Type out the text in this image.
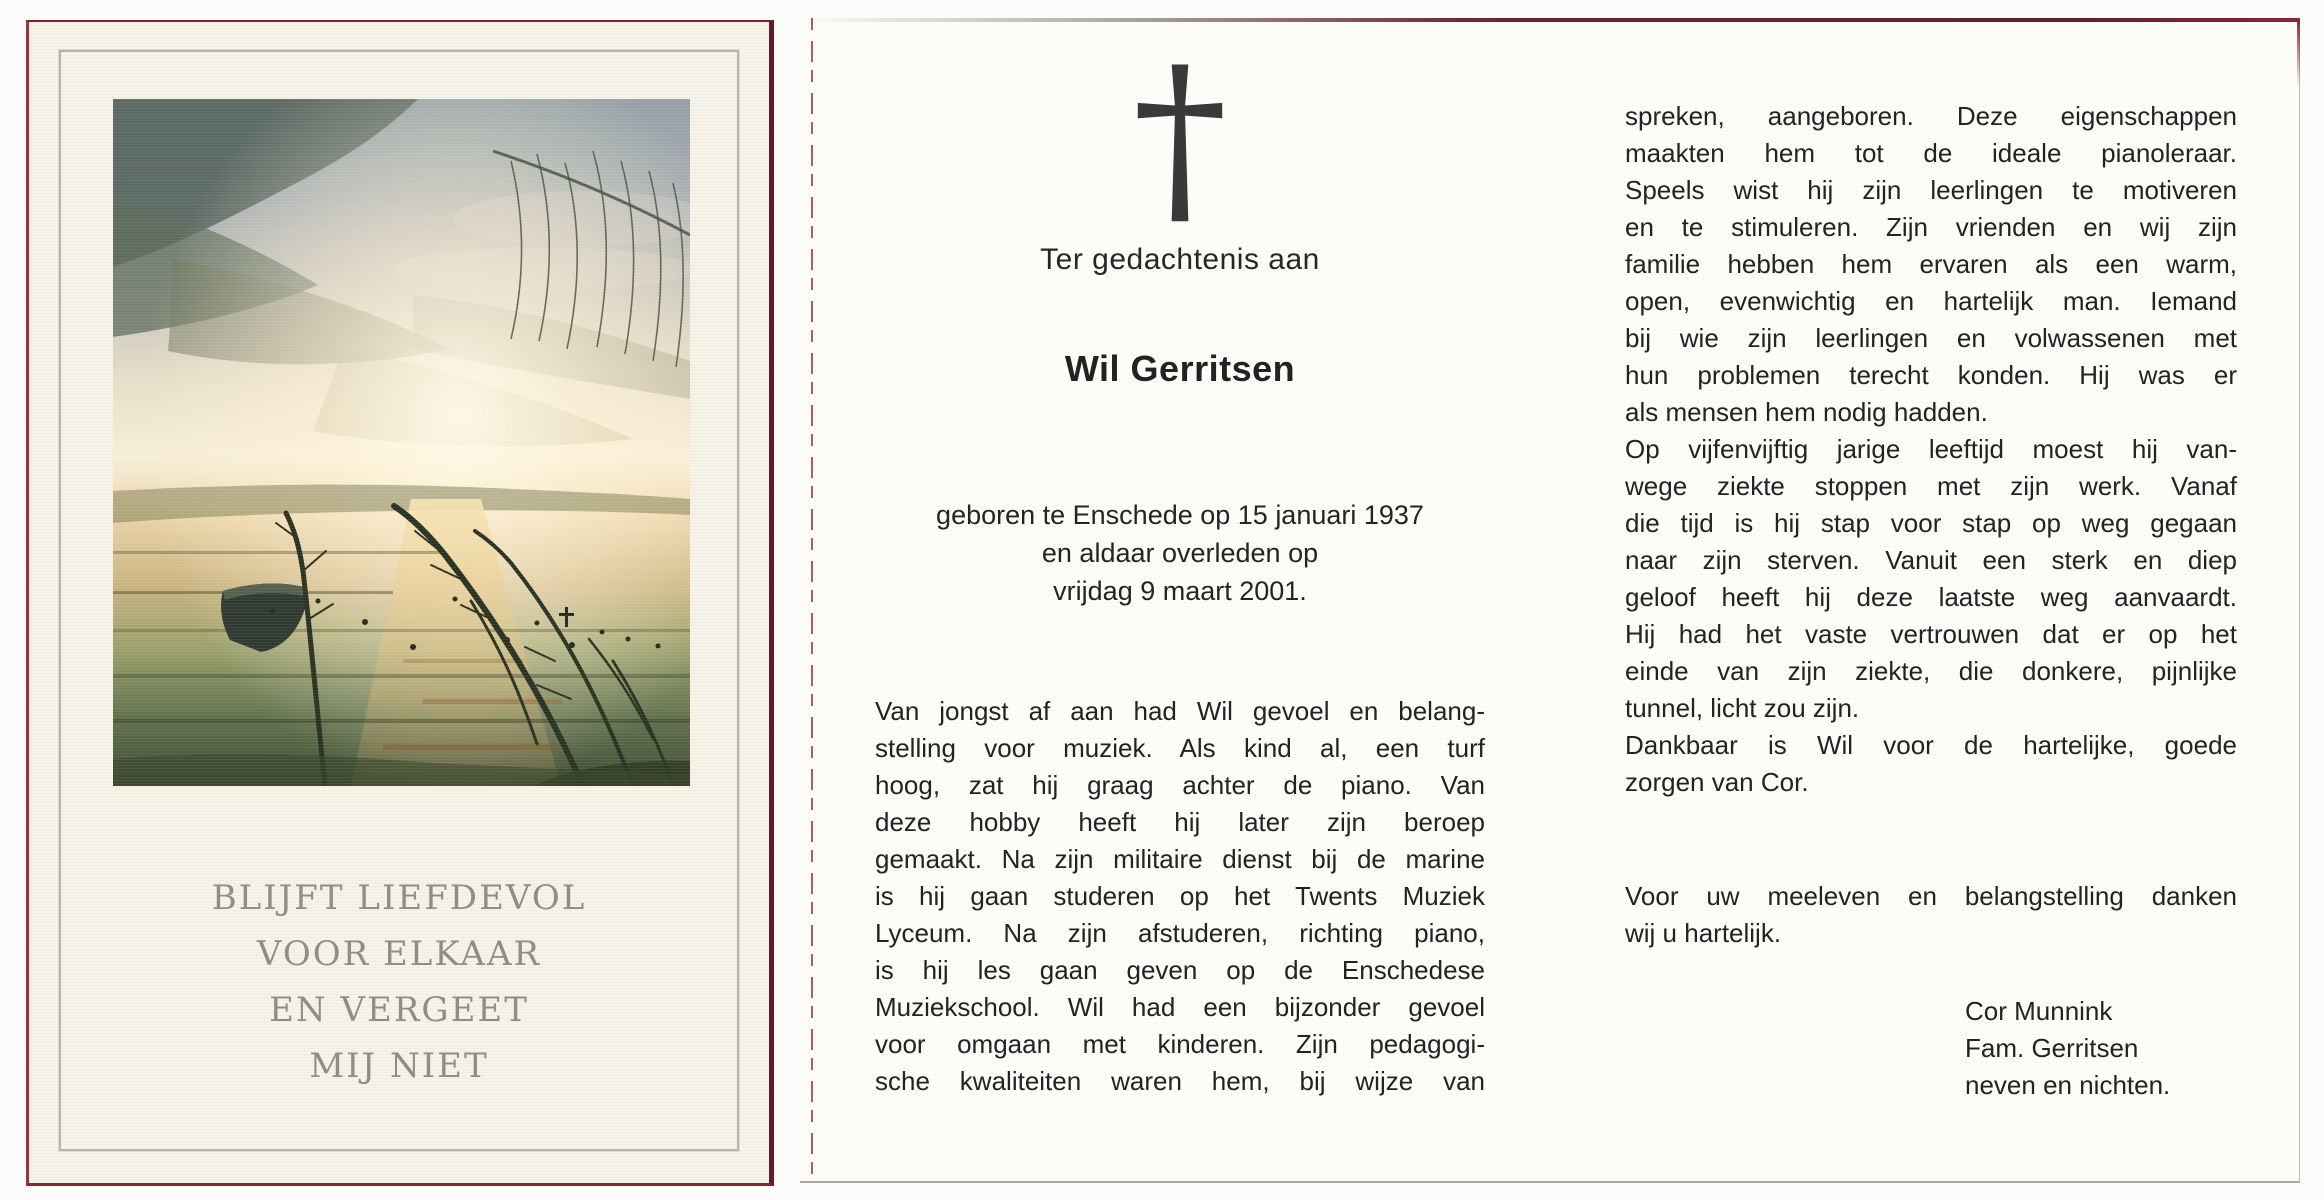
BLIJFT LIEFDEVOL
VOOR ELKAAR
EN VERGEET
MIJ NIET
†
Ter gedachtenis aan
Wil Gerritsen
geboren te Enschede op 15 januari 1937
en aldaar overleden op
vrijdag 9 maart 2001.
Van jongst af aan had Wil gevoel en belang-
stelling voor muziek. Als kind al, een turf
hoog, zat hij graag achter de piano. Van
deze hobby heeft hij later zijn beroep
gemaakt. Na zijn militaire dienst bij de marine
is hij gaan studeren op het Twents Muziek
Lyceum. Na zijn afstuderen, richting piano,
is hij les gaan geven op de Enschedese
Muziekschool. Wil had een bijzonder gevoel
voor omgaan met kinderen. Zijn pedagogi-
sche kwaliteiten waren hem, bij wijze van
spreken, aangeboren. Deze eigenschappen
maakten hem tot de ideale pianoleraar.
Speels wist hij zijn leerlingen te motiveren
en te stimuleren. Zijn vrienden en wij zijn
familie hebben hem ervaren als een warm,
open, evenwichtig en hartelijk man. Iemand
bij wie zijn leerlingen en volwassenen met
hun problemen terecht konden. Hij was er
als mensen hem nodig hadden.
Op vijfenvijftig jarige leeftijd moest hij van-
wege ziekte stoppen met zijn werk. Vanaf
die tijd is hij stap voor stap op weg gegaan
naar zijn sterven. Vanuit een sterk en diep
geloof heeft hij deze laatste weg aanvaardt.
Hij had het vaste vertrouwen dat er op het
einde van zijn ziekte, die donkere, pijnlijke
tunnel, licht zou zijn.
Dankbaar is Wil voor de hartelijke, goede
zorgen van Cor.
Voor uw meeleven en belangstelling danken
wij u hartelijk.
Cor Munnink
Fam. Gerritsen
neven en nichten.
